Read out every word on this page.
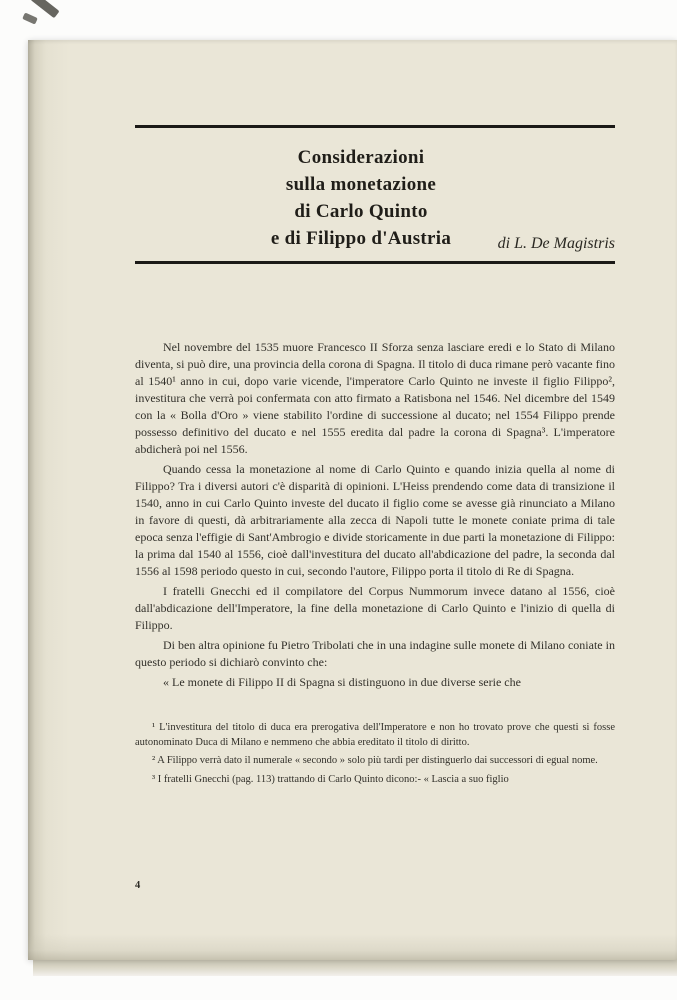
Considerazioni
sulla monetazione
di Carlo Quinto
e di Filippo d'Austria	di L. De Magistris

Nel novembre del 1535 muore Francesco II Sforza senza lasciare eredi e lo Stato di Milano diventa, si può dire, una provincia della corona di Spagna. Il titolo di duca rimane però vacante fino al 1540¹ anno in cui, dopo varie vicende, l'imperatore Carlo Quinto ne investe il figlio Filippo², investitura che verrà poi confermata con atto firmato a Ratisbona nel 1546. Nel dicembre del 1549 con la « Bolla d'Oro » viene stabilito l'ordine di successione al ducato; nel 1554 Filippo prende possesso definitivo del ducato e nel 1555 eredita dal padre la corona di Spagna³. L'imperatore abdicherà poi nel 1556.

Quando cessa la monetazione al nome di Carlo Quinto e quando inizia quella al nome di Filippo? Tra i diversi autori c'è disparità di opinioni. L'Heiss prendendo come data di transizione il 1540, anno in cui Carlo Quinto investe del ducato il figlio come se avesse già rinunciato a Milano in favore di questi, dà arbitrariamente alla zecca di Napoli tutte le monete coniate prima di tale epoca senza l'effigie di Sant'Ambrogio e divide storicamente in due parti la monetazione di Filippo: la prima dal 1540 al 1556, cioè dall'investitura del ducato all'abdicazione del padre, la seconda dal 1556 al 1598 periodo questo in cui, secondo l'autore, Filippo porta il titolo di Re di Spagna.

I fratelli Gnecchi ed il compilatore del Corpus Nummorum invece datano al 1556, cioè dall'abdicazione dell'Imperatore, la fine della monetazione di Carlo Quinto e l'inizio di quella di Filippo.

Di ben altra opinione fu Pietro Tribolati che in una indagine sulle monete di Milano coniate in questo periodo si dichiarò convinto che:

« Le monete di Filippo II di Spagna si distinguono in due diverse serie che

¹ L'investitura del titolo di duca era prerogativa dell'Imperatore e non ho trovato prove che questi si fosse autonominato Duca di Milano e nemmeno che abbia ereditato il titolo di diritto.

² A Filippo verrà dato il numerale « secondo » solo più tardi per distinguerlo dai successori di egual nome.

³ I fratelli Gnecchi (pag. 113) trattando di Carlo Quinto dicono:- « Lascia a suo figlio

4
